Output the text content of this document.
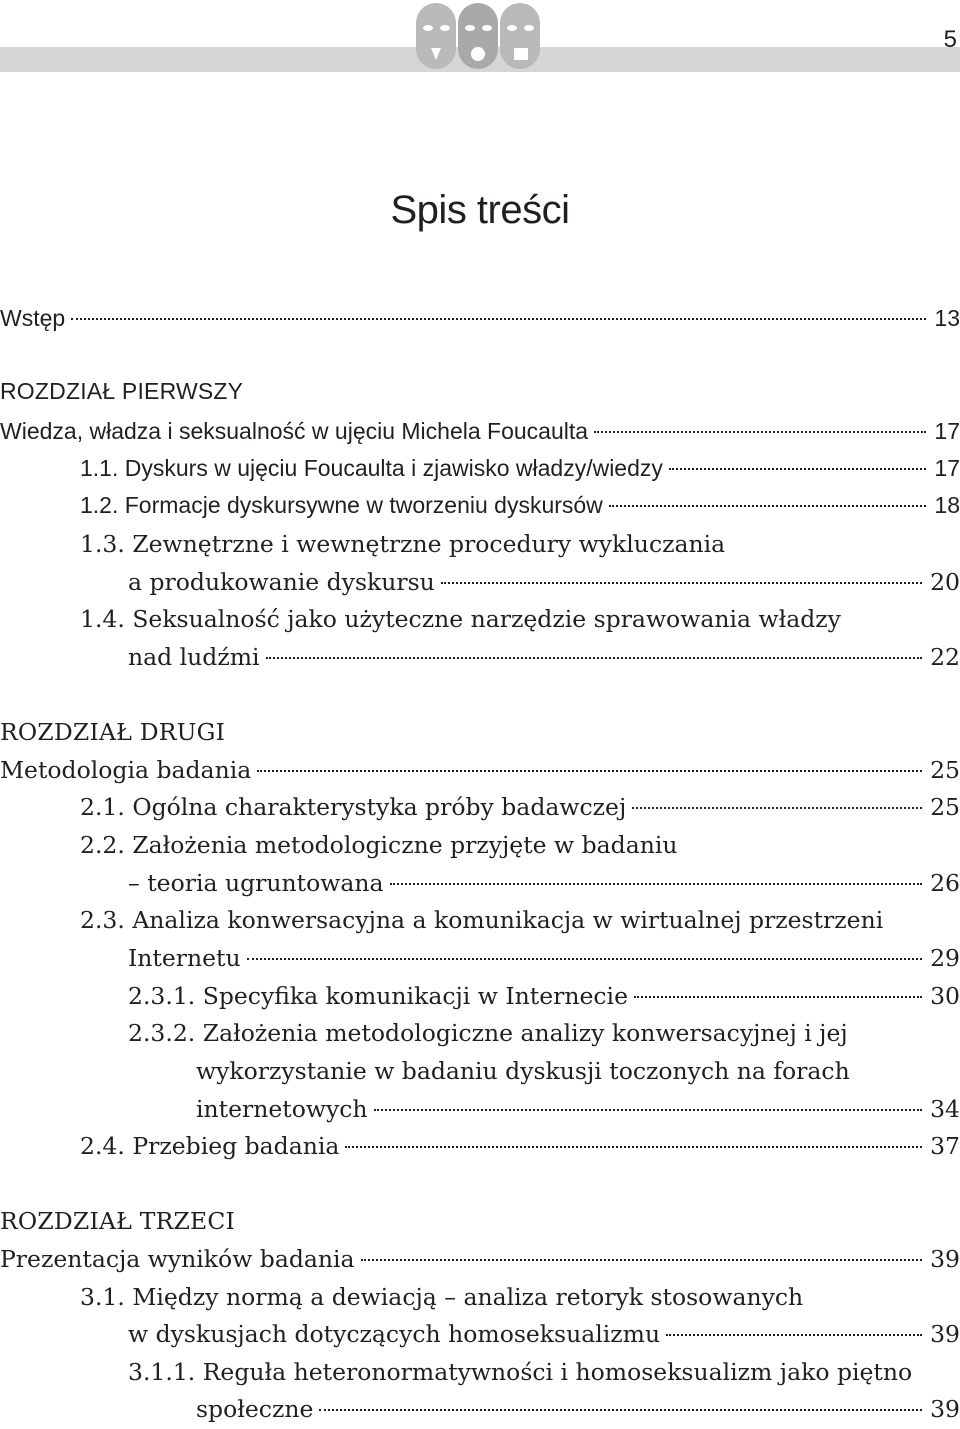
5
Spis treści
Wstęp	13
ROZDZIAŁ PIERWSZY
Wiedza, władza i seksualność w ujęciu Michela Foucaulta	17
1.1. Dyskurs w ujęciu Foucaulta i zjawisko władzy/wiedzy	17
1.2. Formacje dyskursywne w tworzeniu dyskursów	18
1.3. Zewnętrzne i wewnętrzne procedury wykluczania
a produkowanie dyskursu	20
1.4. Seksualność jako użyteczne narzędzie sprawowania władzy
nad ludźmi	22
ROZDZIAŁ DRUGI
Metodologia badania	25
2.1. Ogólna charakterystyka próby badawczej	25
2.2. Założenia metodologiczne przyjęte w badaniu
– teoria ugruntowana	26
2.3. Analiza konwersacyjna a komunikacja w wirtualnej przestrzeni
Internetu	29
2.3.1. Specyfika komunikacji w Internecie	30
2.3.2. Założenia metodologiczne analizy konwersacyjnej i jej
wykorzystanie w badaniu dyskusji toczonych na forach
internetowych	34
2.4. Przebieg badania	37
ROZDZIAŁ TRZECI
Prezentacja wyników badania	39
3.1. Między normą a dewiacją – analiza retoryk stosowanych
w dyskusjach dotyczących homoseksualizmu	39
3.1.1. Reguła heteronormatywności i homoseksualizm jako piętno
społeczne	39
